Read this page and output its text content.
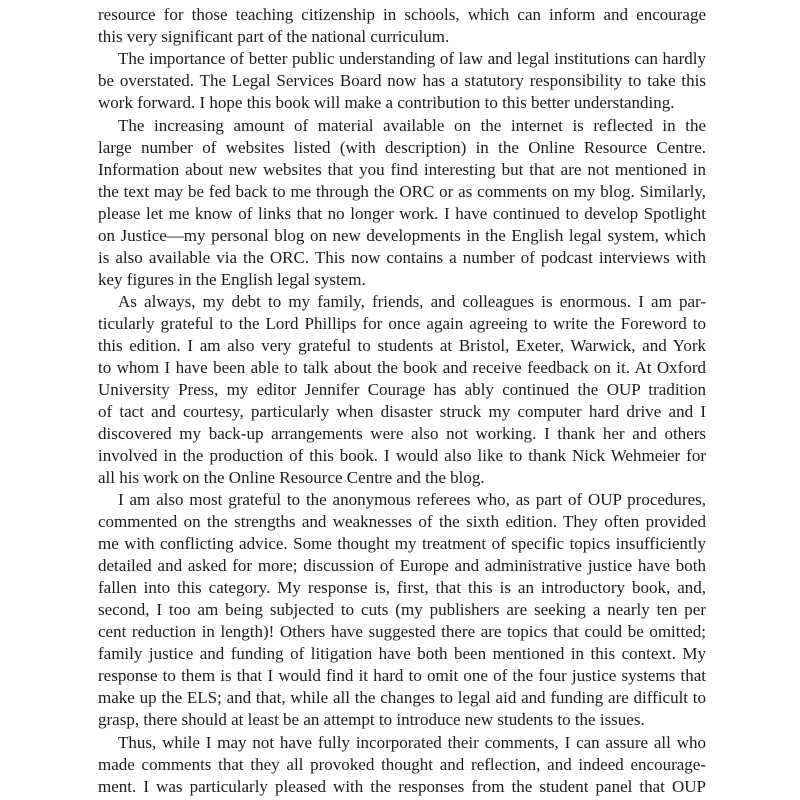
resource for those teaching citizenship in schools, which can inform and encourage
this very significant part of the national curriculum.
The importance of better public understanding of law and legal institutions can hardly
be overstated. The Legal Services Board now has a statutory responsibility to take this
work forward. I hope this book will make a contribution to this better understanding.
The increasing amount of material available on the internet is reflected in the
large number of websites listed (with description) in the Online Resource Centre.
Information about new websites that you find interesting but that are not mentioned in
the text may be fed back to me through the ORC or as comments on my blog. Similarly,
please let me know of links that no longer work. I have continued to develop Spotlight
on Justice—my personal blog on new developments in the English legal system, which
is also available via the ORC. This now contains a number of podcast interviews with
key figures in the English legal system.
As always, my debt to my family, friends, and colleagues is enormous. I am par-
ticularly grateful to the Lord Phillips for once again agreeing to write the Foreword to
this edition. I am also very grateful to students at Bristol, Exeter, Warwick, and York
to whom I have been able to talk about the book and receive feedback on it. At Oxford
University Press, my editor Jennifer Courage has ably continued the OUP tradition
of tact and courtesy, particularly when disaster struck my computer hard drive and I
discovered my back-up arrangements were also not working. I thank her and others
involved in the production of this book. I would also like to thank Nick Wehmeier for
all his work on the Online Resource Centre and the blog.
I am also most grateful to the anonymous referees who, as part of OUP procedures,
commented on the strengths and weaknesses of the sixth edition. They often provided
me with conflicting advice. Some thought my treatment of specific topics insufficiently
detailed and asked for more; discussion of Europe and administrative justice have both
fallen into this category. My response is, first, that this is an introductory book, and,
second, I too am being subjected to cuts (my publishers are seeking a nearly ten per
cent reduction in length)! Others have suggested there are topics that could be omitted;
family justice and funding of litigation have both been mentioned in this context. My
response to them is that I would find it hard to omit one of the four justice systems that
make up the ELS; and that, while all the changes to legal aid and funding are difficult to
grasp, there should at least be an attempt to introduce new students to the issues.
Thus, while I may not have fully incorporated their comments, I can assure all who
made comments that they all provoked thought and reflection, and indeed encourage-
ment. I was particularly pleased with the responses from the student panel that OUP
